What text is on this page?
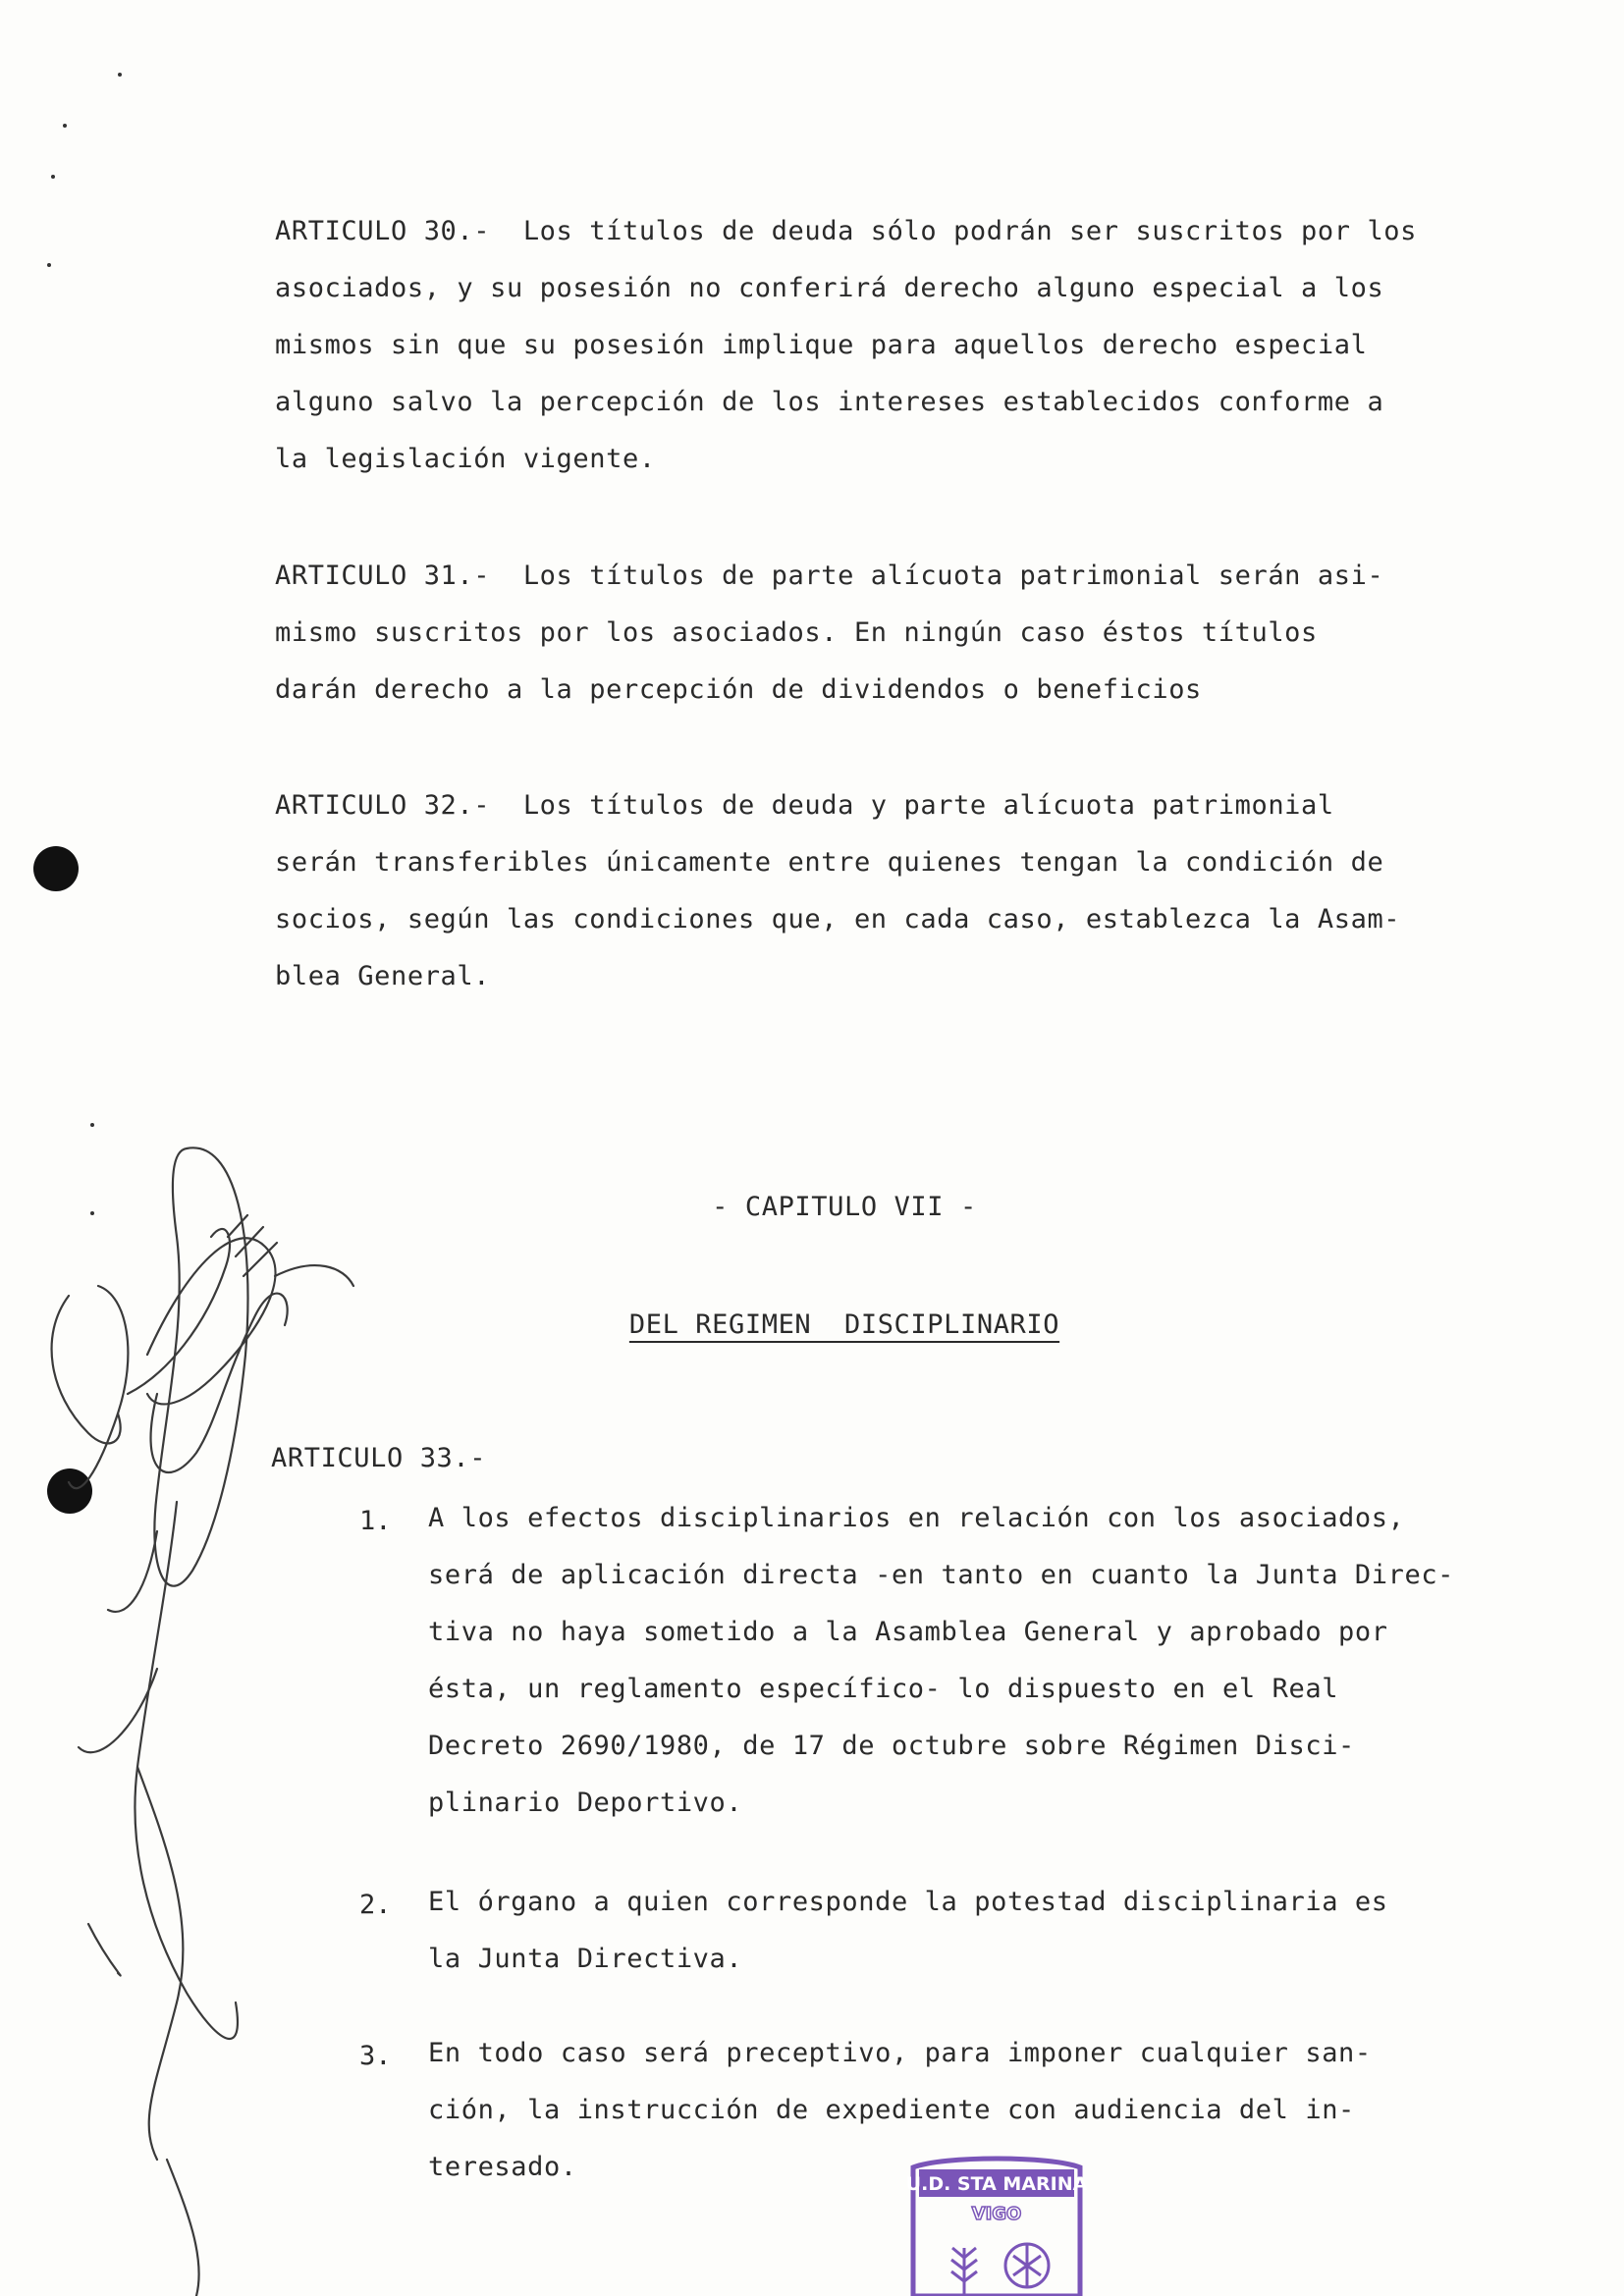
ARTICULO 30.-  Los títulos de deuda sólo podrán ser suscritos por los
asociados, y su posesión no conferirá derecho alguno especial a los
mismos sin que su posesión implique para aquellos derecho especial
alguno salvo la percepción de los intereses establecidos conforme a
la legislación vigente.
ARTICULO 31.-  Los títulos de parte alícuota patrimonial serán asi-
mismo suscritos por los asociados. En ningún caso éstos títulos
darán derecho a la percepción de dividendos o beneficios
ARTICULO 32.-  Los títulos de deuda y parte alícuota patrimonial
serán transferibles únicamente entre quienes tengan la condición de
socios, según las condiciones que, en cada caso, establezca la Asam-
blea General.
- CAPITULO VII -
DEL REGIMEN  DISCIPLINARIO
ARTICULO 33.-
1. A los efectos disciplinarios en relación con los asociados,
será de aplicación directa -en tanto en cuanto la Junta Direc-
tiva no haya sometido a la Asamblea General y aprobado por
ésta, un reglamento específico- lo dispuesto en el Real
Decreto 2690/1980, de 17 de octubre sobre Régimen Disci-
plinario Deportivo.
2. El órgano a quien corresponde la potestad disciplinaria es
la Junta Directiva.
3. En todo caso será preceptivo, para imponer cualquier san-
ción, la instrucción de expediente con audiencia del in-
teresado.
U.D. STA MARINA
VIGO
